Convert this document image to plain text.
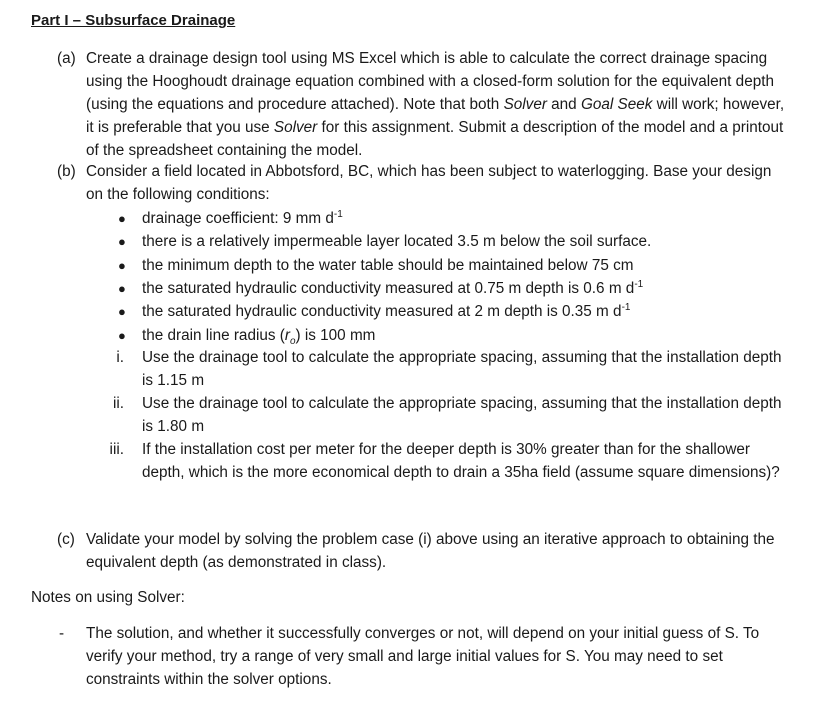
Part I – Subsurface Drainage
(a) Create a drainage design tool using MS Excel which is able to calculate the correct drainage spacing using the Hooghoudt drainage equation combined with a closed-form solution for the equivalent depth (using the equations and procedure attached). Note that both Solver and Goal Seek will work; however, it is preferable that you use Solver for this assignment. Submit a description of the model and a printout of the spreadsheet containing the model.
(b) Consider a field located in Abbotsford, BC, which has been subject to waterlogging. Base your design on the following conditions:
● drainage coefficient: 9 mm $d^{-1}$
● there is a relatively impermeable layer located 3.5 m below the soil surface.
● the minimum depth to the water table should be maintained below 75 cm
● the saturated hydraulic conductivity measured at 0.75 m depth is 0.6 m $d^{-1}$
● the saturated hydraulic conductivity measured at 2 m depth is 0.35 m $d^{-1}$
● the drain line radius $(r_o)$ is 100 mm
i. Use the drainage tool to calculate the appropriate spacing, assuming that the installation depth is 1.15 m
ii. Use the drainage tool to calculate the appropriate spacing, assuming that the installation depth is 1.80 m
iii. If the installation cost per meter for the deeper depth is 30% greater than for the shallower depth, which is the more economical depth to drain a 35ha field (assume square dimensions)?
(c) Validate your model by solving the problem case (i) above using an iterative approach to obtaining the equivalent depth (as demonstrated in class).
Notes on using Solver:
- The solution, and whether it successfully converges or not, will depend on your initial guess of S. To verify your method, try a range of very small and large initial values for S. You may need to set constraints within the solver options.
